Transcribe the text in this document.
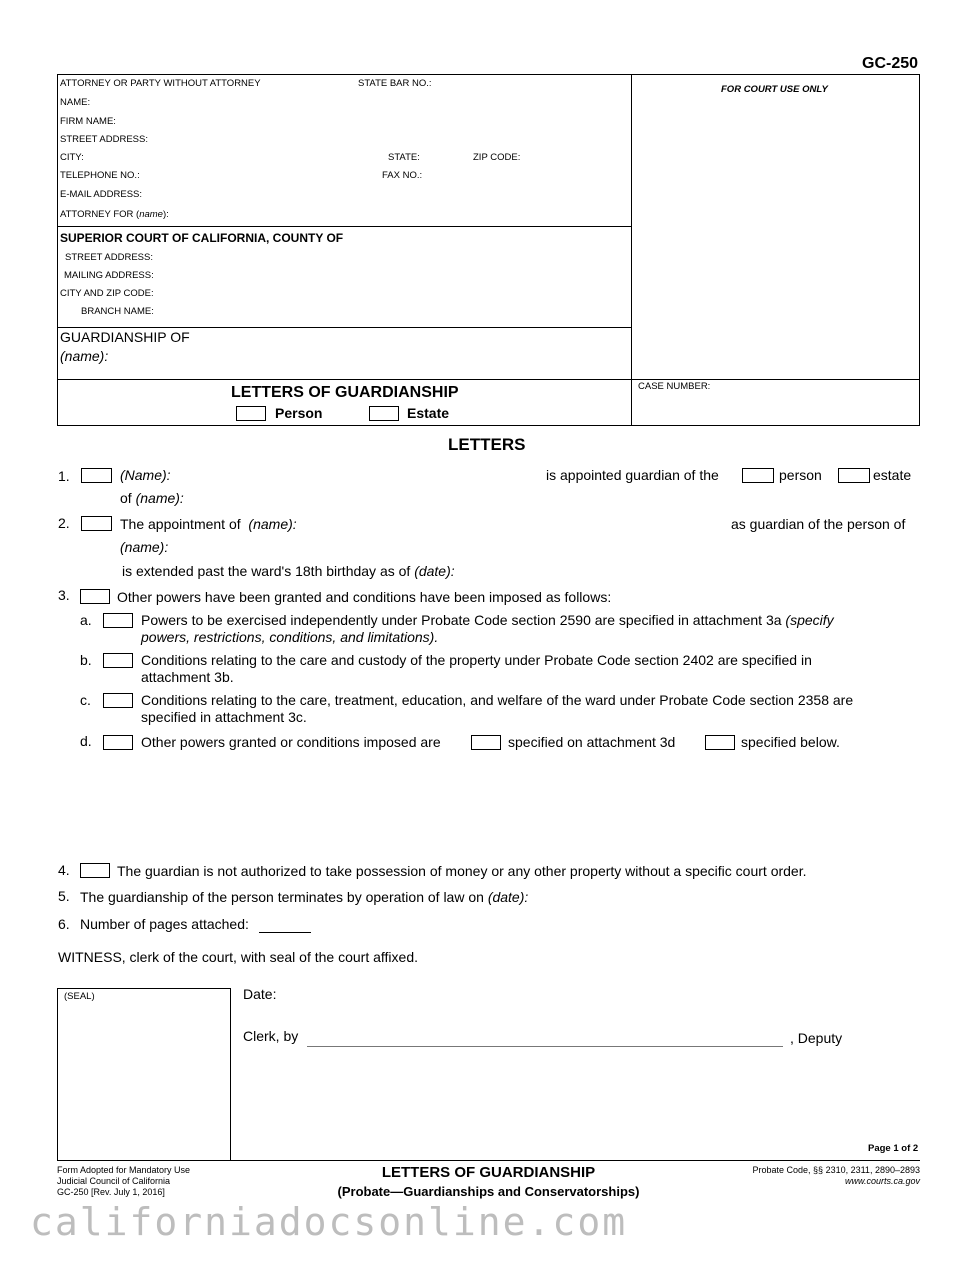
GC-250
ATTORNEY OR PARTY WITHOUT ATTORNEY	STATE BAR NO.:
NAME:
FIRM NAME:
STREET ADDRESS:
CITY:	STATE:	ZIP CODE:
TELEPHONE NO.:	FAX NO.:
E-MAIL ADDRESS:
ATTORNEY FOR (name):
FOR COURT USE ONLY
SUPERIOR COURT OF CALIFORNIA, COUNTY OF
STREET ADDRESS:
MAILING ADDRESS:
CITY AND ZIP CODE:
BRANCH NAME:
GUARDIANSHIP OF
(name):
LETTERS OF GUARDIANSHIP
Person	Estate
CASE NUMBER:
LETTERS
1.	(Name):	is appointed guardian of the	person	estate
of (name):
2.	The appointment of (name):	as guardian of the person of
(name):
is extended past the ward's 18th birthday as of (date):
3.	Other powers have been granted and conditions have been imposed as follows:
a.	Powers to be exercised independently under Probate Code section 2590 are specified in attachment 3a (specify
powers, restrictions, conditions, and limitations).
b.	Conditions relating to the care and custody of the property under Probate Code section 2402 are specified in
attachment 3b.
c.	Conditions relating to the care, treatment, education, and welfare of the ward under Probate Code section 2358 are
specified in attachment 3c.
d.	Other powers granted or conditions imposed are	specified on attachment 3d	specified below.
4.	The guardian is not authorized to take possession of money or any other property without a specific court order.
5. The guardianship of the person terminates by operation of law on (date):
6. Number of pages attached:
WITNESS, clerk of the court, with seal of the court affixed.
(SEAL)	Date:
Clerk, by	, Deputy
Page 1 of 2
Form Adopted for Mandatory Use
Judicial Council of California
GC-250 [Rev. July 1, 2016]
LETTERS OF GUARDIANSHIP
(Probate—Guardianships and Conservatorships)
Probate Code, §§ 2310, 2311, 2890–2893
www.courts.ca.gov
californiadocsonline.com
